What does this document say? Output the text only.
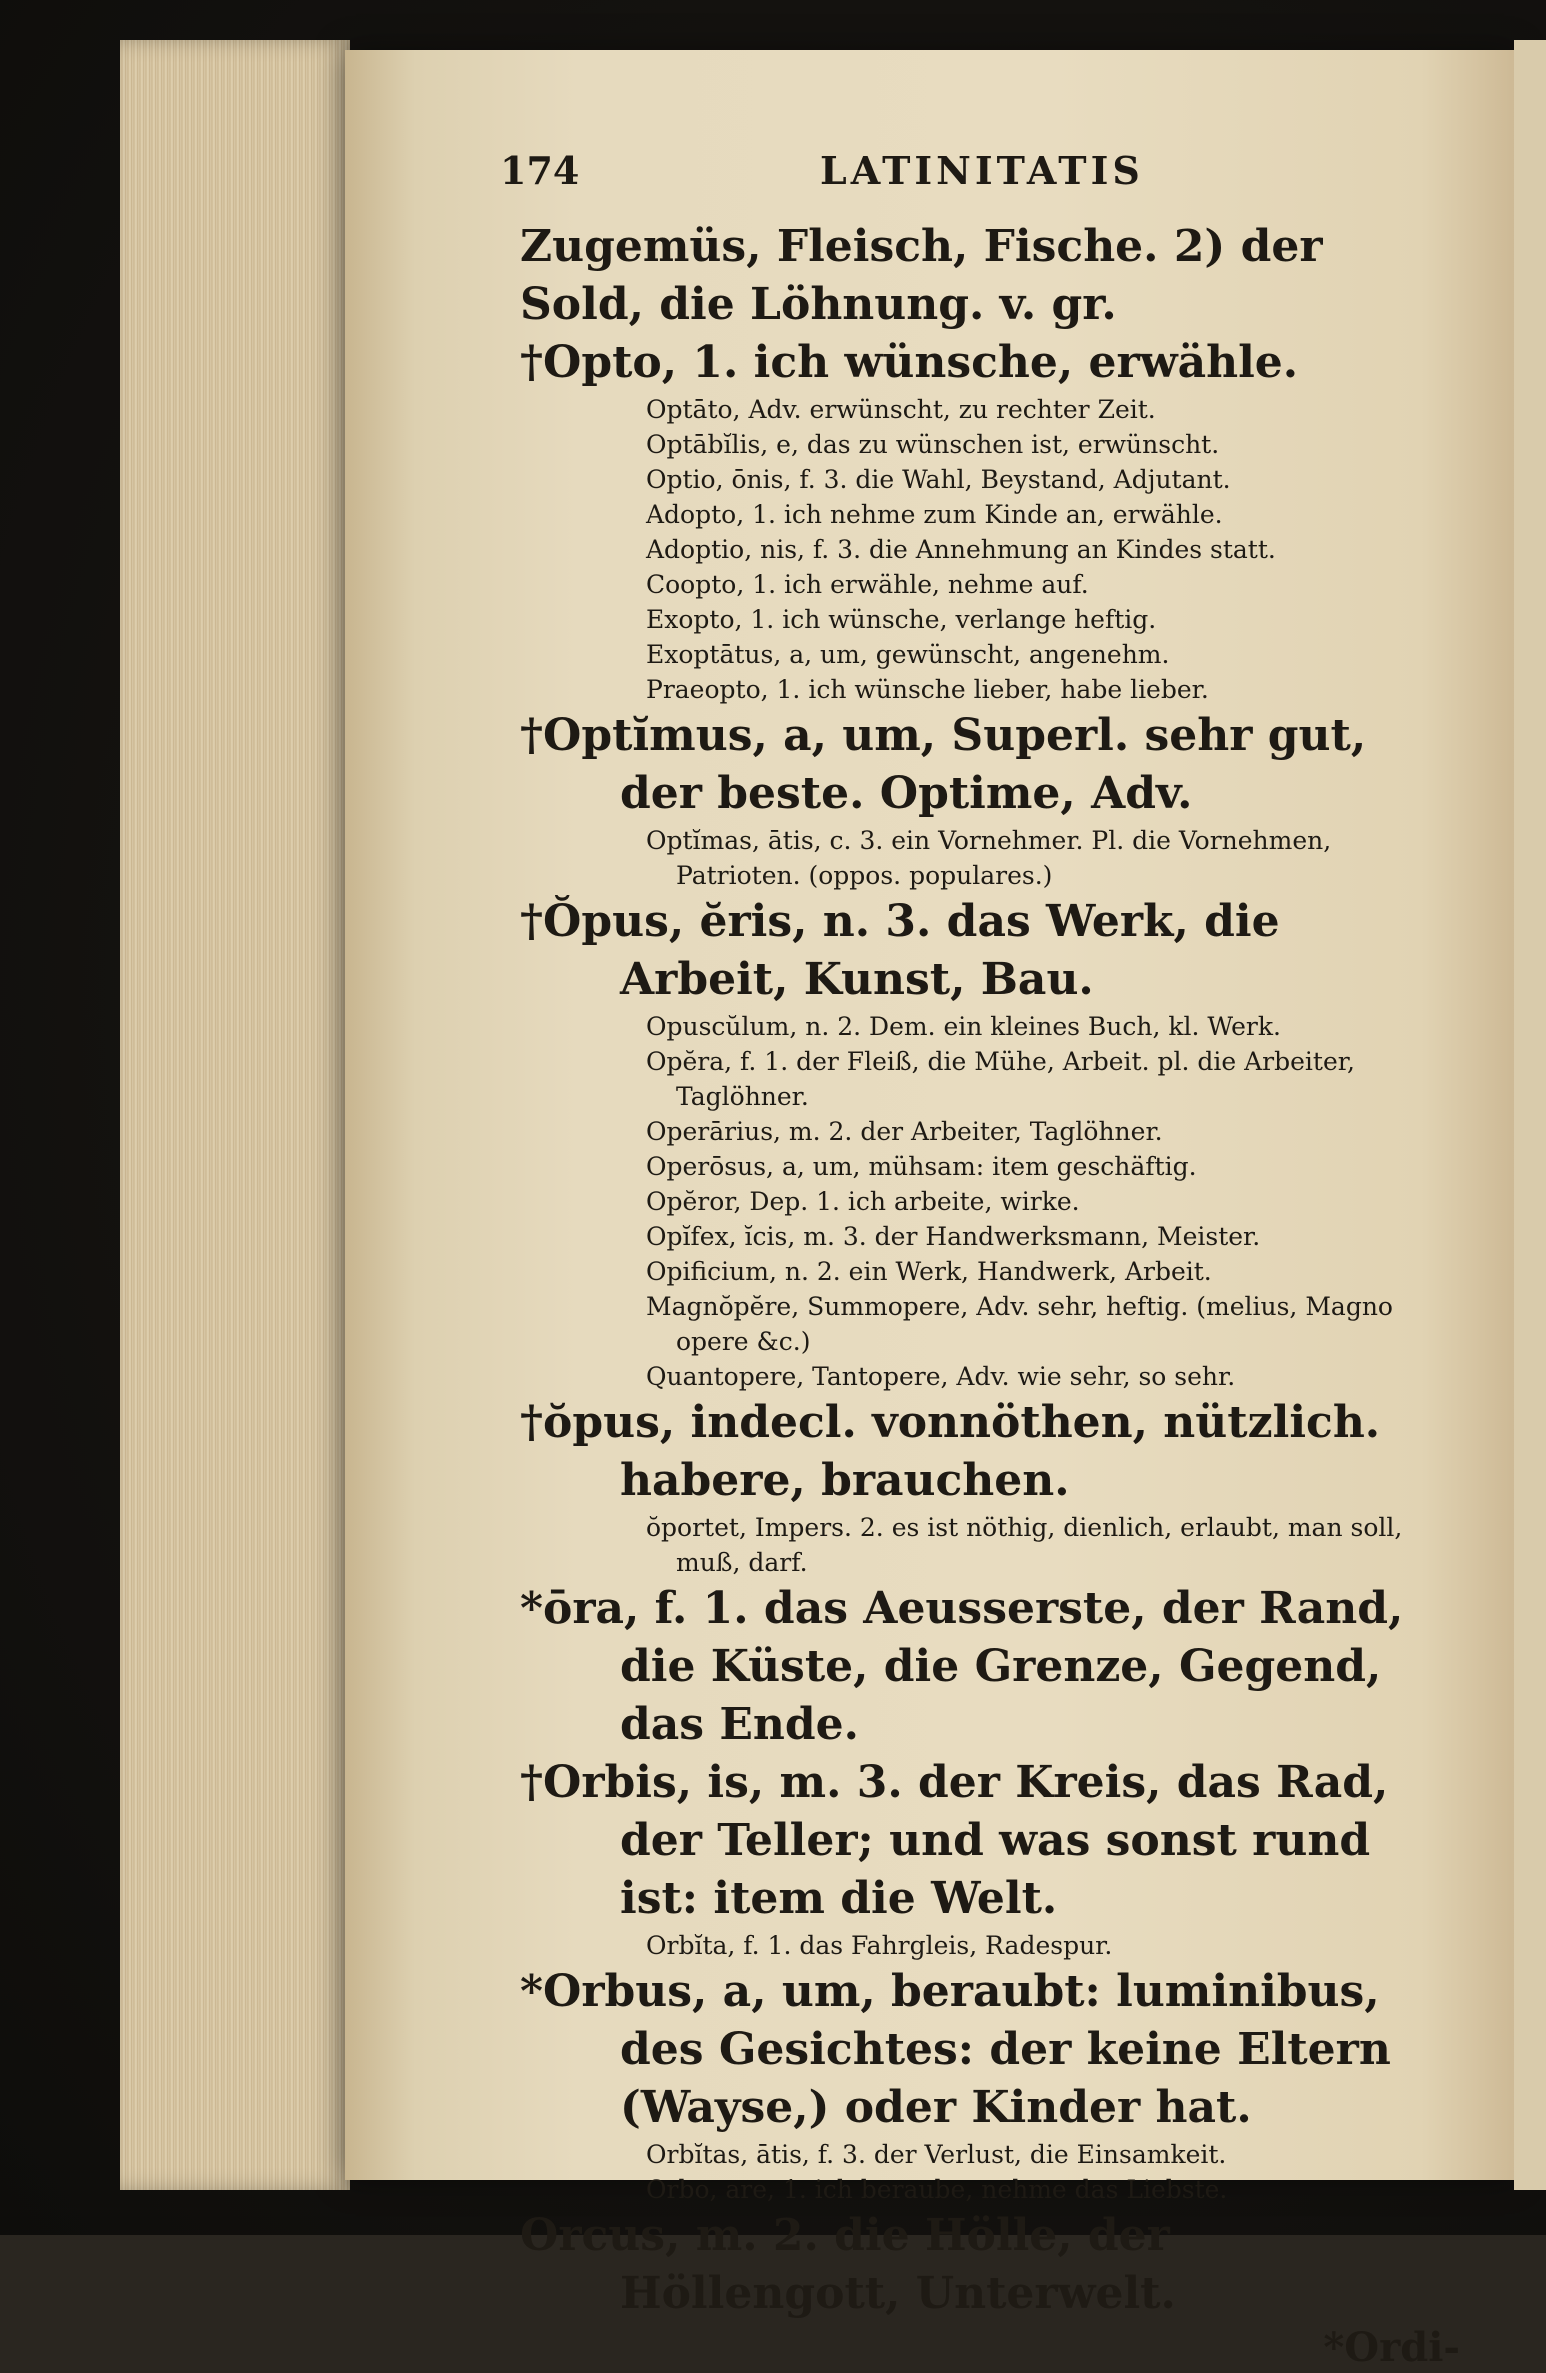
174	LATINITATIS
Zugemüs, Fleisch, Fische. 2) der Sold, die Löhnung. v. gr.
†Opto, 1. ich wünsche, erwähle.
Optāto, Adv. erwünscht, zu rechter Zeit.
Optābĭlis, e, das zu wünschen ist, erwünscht.
Optio, ōnis, f. 3. die Wahl, Beystand, Adjutant.
Adopto, 1. ich nehme zum Kinde an, erwähle.
Adoptio, nis, f. 3. die Annehmung an Kindes statt.
Coopto, 1. ich erwähle, nehme auf.
Exopto, 1. ich wünsche, verlange heftig.
Exoptātus, a, um, gewünscht, angenehm.
Praeopto, 1. ich wünsche lieber, habe lieber.
†Optĭmus, a, um, Superl. sehr gut, der beste. Optime, Adv.
Optĭmas, ātis, c. 3. ein Vornehmer. Pl. die Vornehmen, Patrioten. (oppos. populares.)
†Ŏpus, ĕris, n. 3. das Werk, die Arbeit, Kunst, Bau.
Opuscŭlum, n. 2. Dem. ein kleines Buch, kl. Werk.
Opĕra, f. 1. der Fleiß, die Mühe, Arbeit. pl. die Arbeiter, Taglöhner.
Operārius, m. 2. der Arbeiter, Taglöhner.
Operōsus, a, um, mühsam: item geschäftig.
Opĕror, Dep. 1. ich arbeite, wirke.
Opĭfex, ĭcis, m. 3. der Handwerksmann, Meister.
Opificium, n. 2. ein Werk, Handwerk, Arbeit.
Magnŏpĕre, Summopere, Adv. sehr, heftig. (melius, Magno opere &c.)
Quantopere, Tantopere, Adv. wie sehr, so sehr.
†ŏpus, indecl. vonnöthen, nützlich. habere, brauchen.
ŏportet, Impers. 2. es ist nöthig, dienlich, erlaubt, man soll, muß, darf.
*ōra, f. 1. das Aeusserste, der Rand, die Küste, die Grenze, Gegend, das Ende.
†Orbis, is, m. 3. der Kreis, das Rad, der Teller; und was sonst rund ist: item die Welt.
Orbĭta, f. 1. das Fahrgleis, Radespur.
*Orbus, a, um, beraubt: luminibus, des Gesichtes: der keine Eltern (Wayse,) oder Kinder hat.
Orbĭtas, ātis, f. 3. der Verlust, die Einsamkeit.
Orbo, are, 1. ich beraube, nehme das Liebste.
Orcus, m. 2. die Hölle, der Höllengott, Unterwelt.
*Ordi-
